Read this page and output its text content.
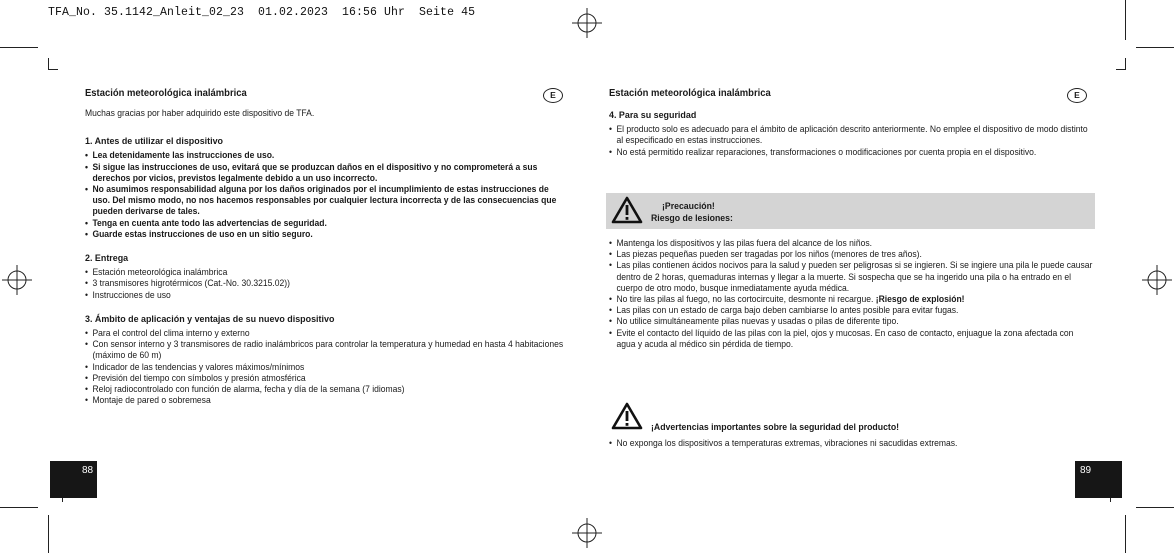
TFA_No. 35.1142_Anleit_02_23  01.02.2023  16:56 Uhr  Seite 45
Estación meteorológica inalámbrica	E

Muchas gracias por haber adquirido este dispositivo de TFA.

1. Antes de utilizar el dispositivo
• Lea detenidamente las instrucciones de uso.
• Si sigue las instrucciones de uso, evitará que se produzcan daños en el dispositivo y no comprometerá a sus derechos por vicios, previstos legalmente debido a un uso incorrecto.
• No asumimos responsabilidad alguna por los daños originados por el incumplimiento de estas instrucciones de uso. Del mismo modo, no nos hacemos responsables por cualquier lectura incorrecta y de las consecuencias que pueden derivarse de tales.
• Tenga en cuenta ante todo las advertencias de seguridad.
• Guarde estas instrucciones de uso en un sitio seguro.
2. Entrega
• Estación meteorológica inalámbrica
• 3 transmisores higrotérmicos (Cat.-No. 30.3215.02))
• Instrucciones de uso
3. Ámbito de aplicación y ventajas de su nuevo dispositivo
• Para el control del clima interno y externo
• Con sensor interno y 3 transmisores de radio inalámbricos para controlar la temperatura y humedad en hasta 4 habitaciones (máximo de 60 m)
• Indicador de las tendencias y valores máximos/mínimos
• Previsión del tiempo con símbolos y presión atmosférica
• Reloj radiocontrolado con función de alarma, fecha y día de la semana (7 idiomas)
• Montaje de pared o sobremesa
88
Estación meteorológica inalámbrica	E
4. Para su seguridad
• El producto solo es adecuado para el ámbito de aplicación descrito anteriormente. No emplee el dispositivo de modo distinto al especificado en estas instrucciones.
• No está permitido realizar reparaciones, transformaciones o modificaciones por cuenta propia en el dispositivo.
¡Precaución!
Riesgo de lesiones:
• Mantenga los dispositivos y las pilas fuera del alcance de los niños.
• Las piezas pequeñas pueden ser tragadas por los niños (menores de tres años).
• Las pilas contienen ácidos nocivos para la salud y pueden ser peligrosas si se ingieren. Si se ingiere una pila le puede causar dentro de 2 horas, quemaduras internas y llegar a la muerte. Si sospecha que se ha ingerido una pila o ha entrado en el cuerpo de otro modo, busque inmediatamente ayuda médica.
• No tire las pilas al fuego, no las cortocircuite, desmonte ni recargue. ¡Riesgo de explosión!
• Las pilas con un estado de carga bajo deben cambiarse lo antes posible para evitar fugas.
• No utilice simultáneamente pilas nuevas y usadas o pilas de diferente tipo.
• Evite el contacto del líquido de las pilas con la piel, ojos y mucosas. En caso de contacto, enjuague la zona afectada con agua y acuda al médico sin pérdida de tiempo.
¡Advertencias importantes sobre la seguridad del producto!
• No exponga los dispositivos a temperaturas extremas, vibraciones ni sacudidas extremas.
89
